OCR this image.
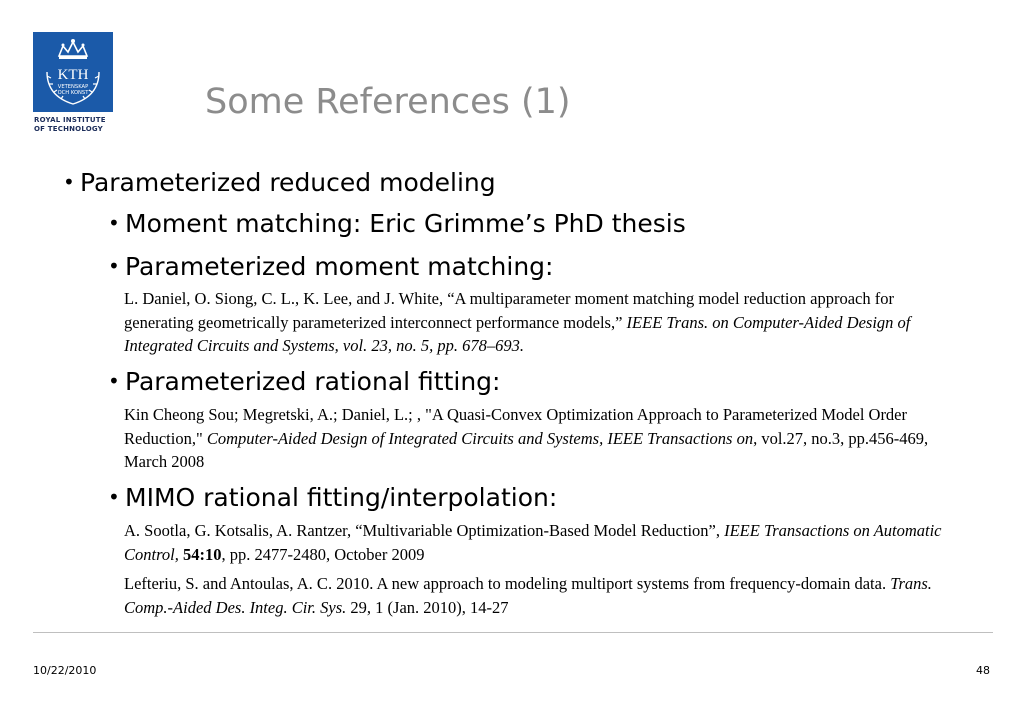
KTH
VETENSKAP
OCH KONST
ROYAL INSTITUTE
OF TECHNOLOGY
Some References (1)
• Parameterized reduced modeling
• Moment matching: Eric Grimme’s PhD thesis
• Parameterized moment matching:
L. Daniel, O. Siong, C. L., K. Lee, and J. White, “A multiparameter moment matching model reduction approach for generating geometrically parameterized interconnect performance models,” IEEE Trans. on Computer-Aided Design of Integrated Circuits and Systems, vol. 23, no. 5, pp. 678–693.
• Parameterized rational fitting:
Kin Cheong Sou; Megretski, A.; Daniel, L.; , "A Quasi-Convex Optimization Approach to Parameterized Model Order Reduction," Computer-Aided Design of Integrated Circuits and Systems, IEEE Transactions on, vol.27, no.3, pp.456-469, March 2008
• MIMO rational fitting/interpolation:
A. Sootla, G. Kotsalis, A. Rantzer, “Multivariable Optimization-Based Model Reduction”, IEEE Transactions on Automatic Control, 54:10, pp. 2477-2480, October 2009
Lefteriu, S. and Antoulas, A. C. 2010. A new approach to modeling multiport systems from frequency-domain data. Trans. Comp.-Aided Des. Integ. Cir. Sys. 29, 1 (Jan. 2010), 14-27
10/22/2010	48
